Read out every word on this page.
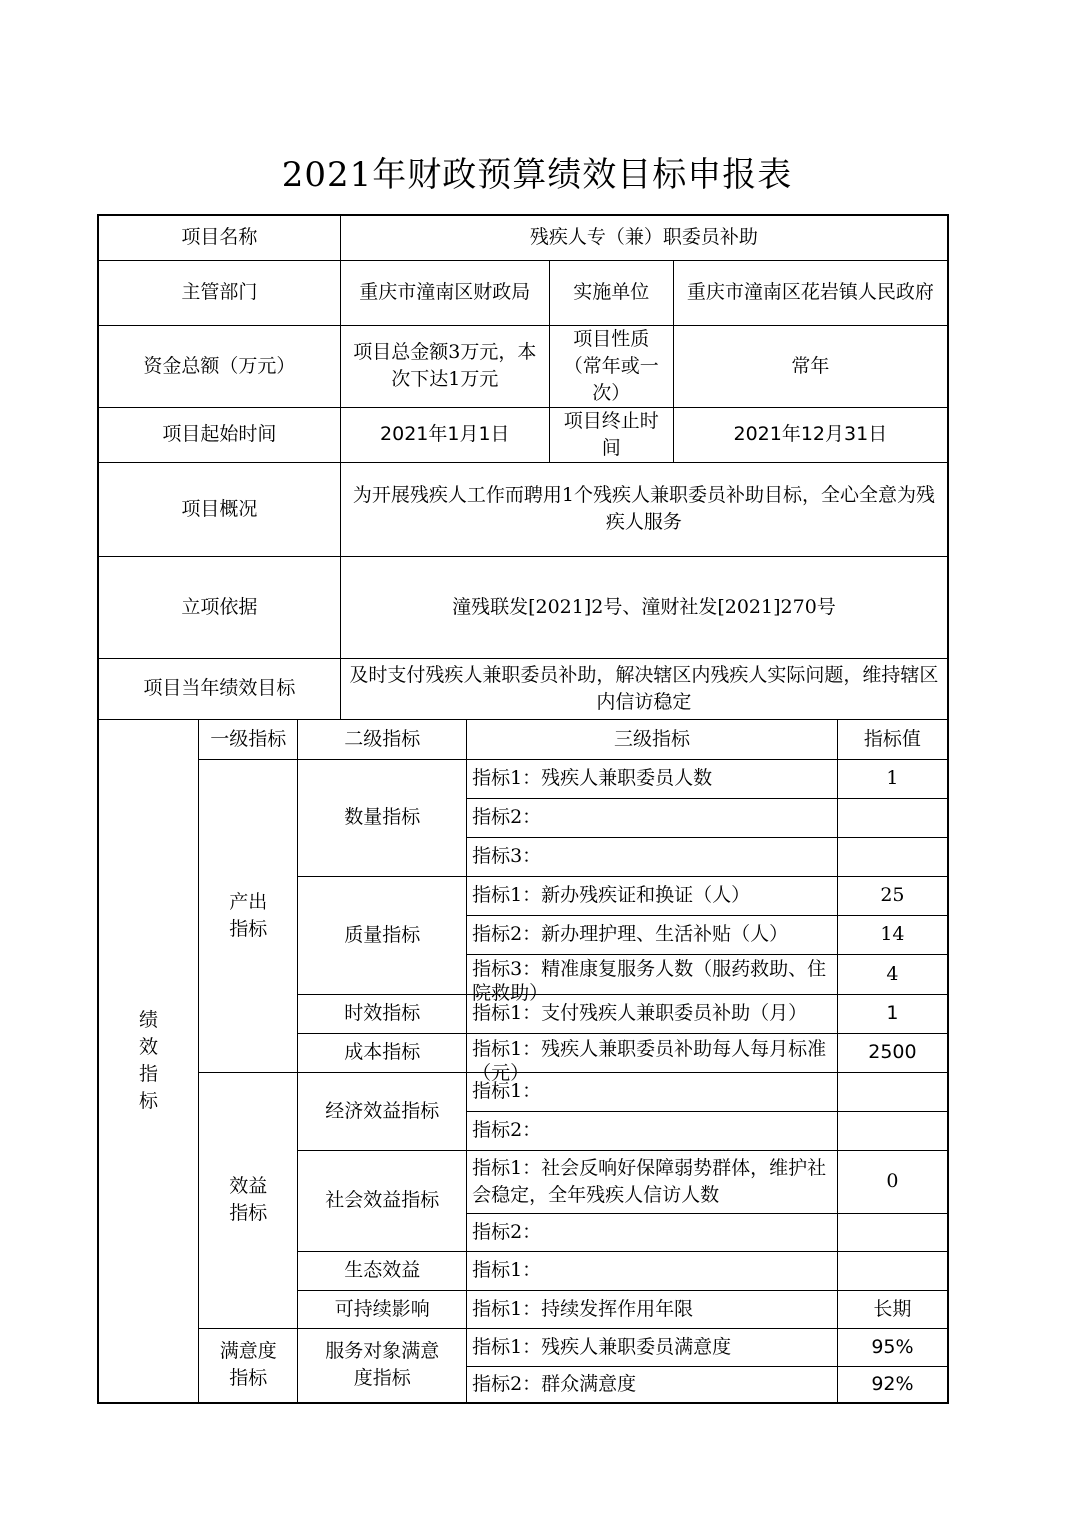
2021年财政预算绩效目标申报表
项目名称			残疾人专（兼）职委员补助				
主管部门			重庆市潼南区财政局		实施单位	重庆市潼南区花岩镇人民政府	
资金总额（万元）			项目总金额3万元，本次下达1万元		项目性质（常年或一次）	常年	
项目起始时间			2021年1月1日		项目终止时间	2021年12月31日	
项目概况			为开展残疾人工作而聘用1个残疾人兼职委员补助目标，全心全意为残疾人服务				
立项依据			潼残联发[2021]2号、潼财社发[2021]270号				
项目当年绩效目标			及时支付残疾人兼职委员补助，解决辖区内残疾人实际问题，维持辖区内信访稳定				

绩效指标	一级指标	二级指标		三级指标			指标值

	产出指标	数量指标		指标1：残疾人兼职委员人数			1
				指标2：			
				指标3：			
		质量指标		指标1：新办残疾证和换证（人）			25
				指标2：新办理护理、生活补贴（人）			14

				指标3：精准康复服务人数（服药救助、住院救助）			4
		时效指标		指标1：支付残疾人兼职委员补助（月）			1
		成本指标		指标1：残疾人兼职委员补助每人每月标准（元）			2500

	效益指标	经济效益指标		指标1：			
				指标2：			
		社会效益指标		指标1：社会反响好保障弱势群体，维护社会稳定，全年残疾人信访人数			0
				指标2：			
		生态效益		指标1：			
		可持续影响		指标1：持续发挥作用年限			长期

	满意度指标	服务对象满意度指标		指标1：残疾人兼职委员满意度			95%
				指标2：群众满意度			92%
